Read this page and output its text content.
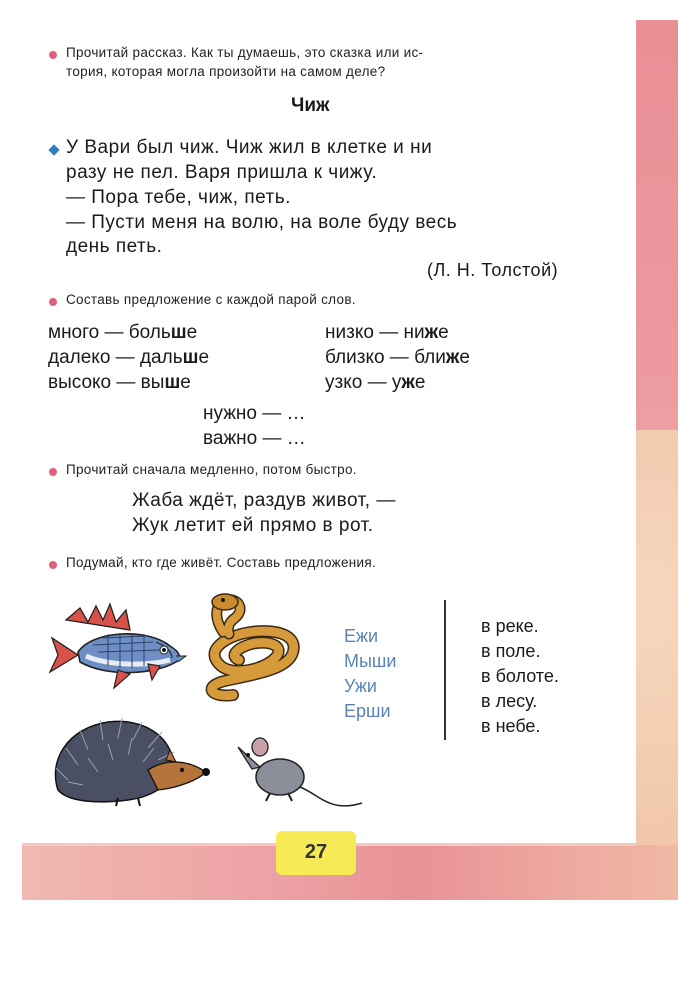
Прочитай рассказ. Как ты думаешь, это сказка или ис-
тория, которая могла произойти на самом деле?
Чиж
У Вари был чиж. Чиж жил в клетке и ни
разу не пел. Варя пришла к чижу.
— Пора тебе, чиж, петь.
— Пусти меня на волю, на воле буду весь
день петь.
(Л. Н. Толстой)
Составь предложение с каждой парой слов.
много — больше
далеко — дальше
высоко — выше
низко — ниже
близко — ближе
узко — уже
нужно — …
важно — …
Прочитай сначала медленно, потом быстро.
Жаба ждёт, раздув живот, —
Жук летит ей прямо в рот.
Подумай, кто где живёт. Составь предложения.
Ежи
Мыши
Ужи
Ерши
в реке.
в поле.
в болоте.
в лесу.
в небе.
27
